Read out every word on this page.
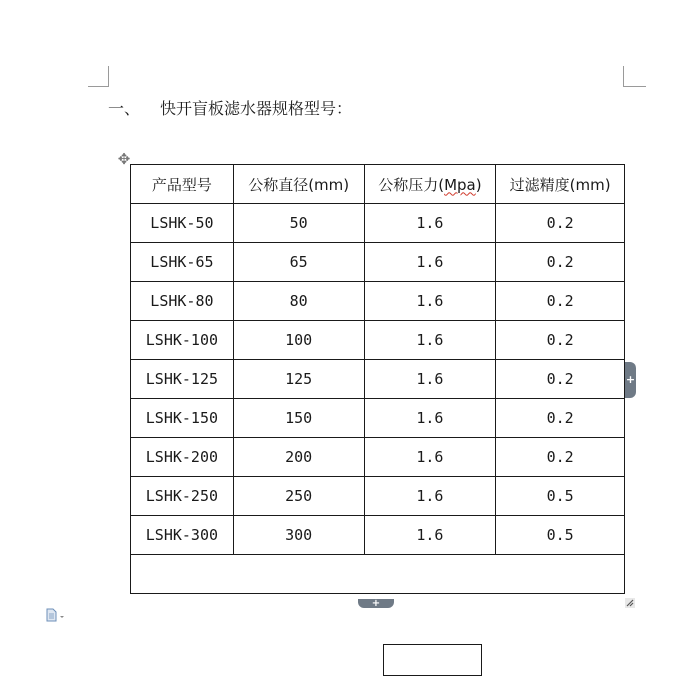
一、 快开盲板滤水器规格型号：
✥
产品型号	公称直径(mm)	公称压力(Mpa)	过滤精度(mm)
LSHK-50	50	1.6	0.2
LSHK-65	65	1.6	0.2
LSHK-80	80	1.6	0.2
LSHK-100	100	1.6	0.2
LSHK-125	125	1.6	0.2
LSHK-150	150	1.6	0.2
LSHK-200	200	1.6	0.2
LSHK-250	250	1.6	0.5
LSHK-300	300	1.6	0.5

+
+
